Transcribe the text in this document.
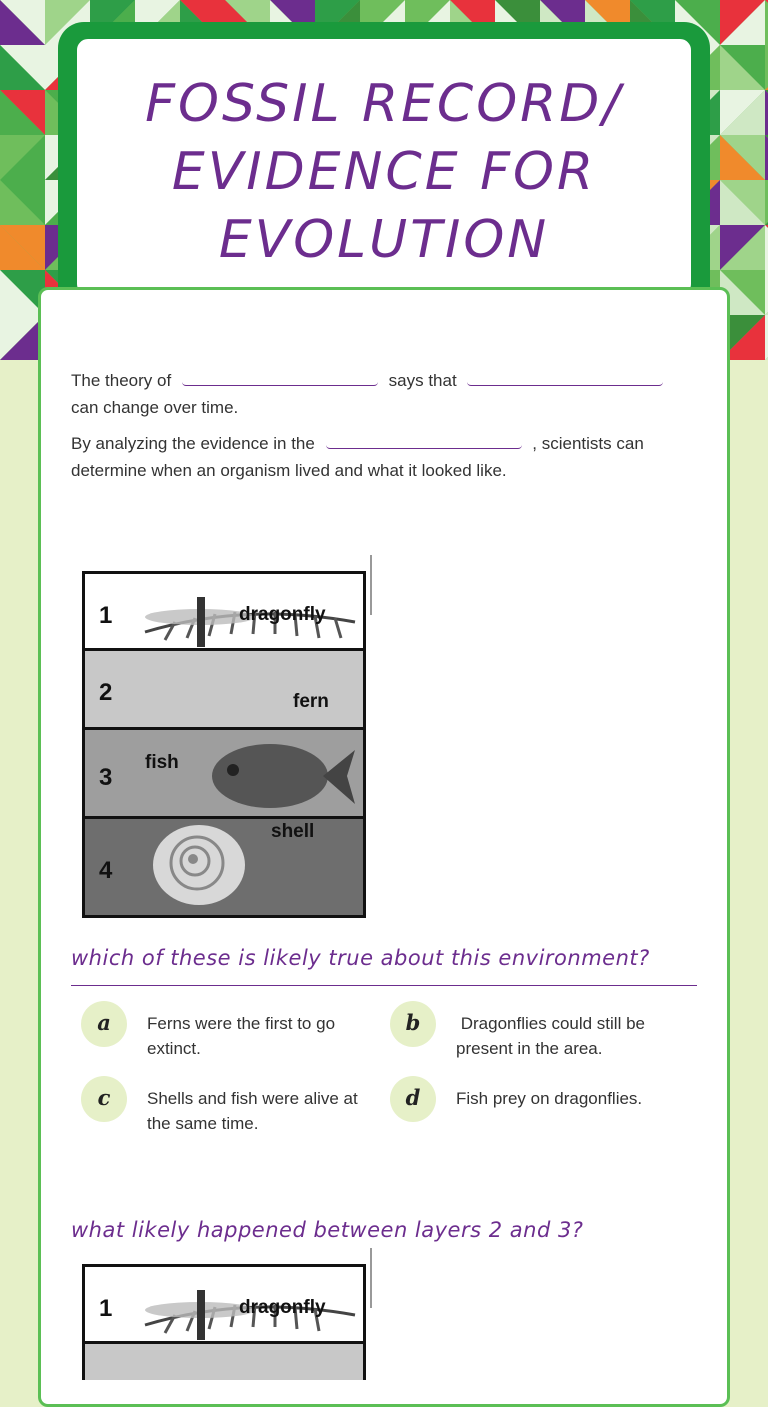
FOSSIL RECORD/ EVIDENCE FOR EVOLUTION
The theory of	says that  can change over time.
By analyzing the evidence in the	, scientists can determine when an organism lived and what it looked like.
1	dragonfly
2	fern
3
fish
4
shell
which of these is likely true about this environment?
a	Ferns were the first to go extinct.
b	Dragonflies could still be present in the area.
c	Shells and fish were alive at the same time.
d	Fish prey on dragonflies.
what likely happened between layers 2 and 3?
1	dragonfly
